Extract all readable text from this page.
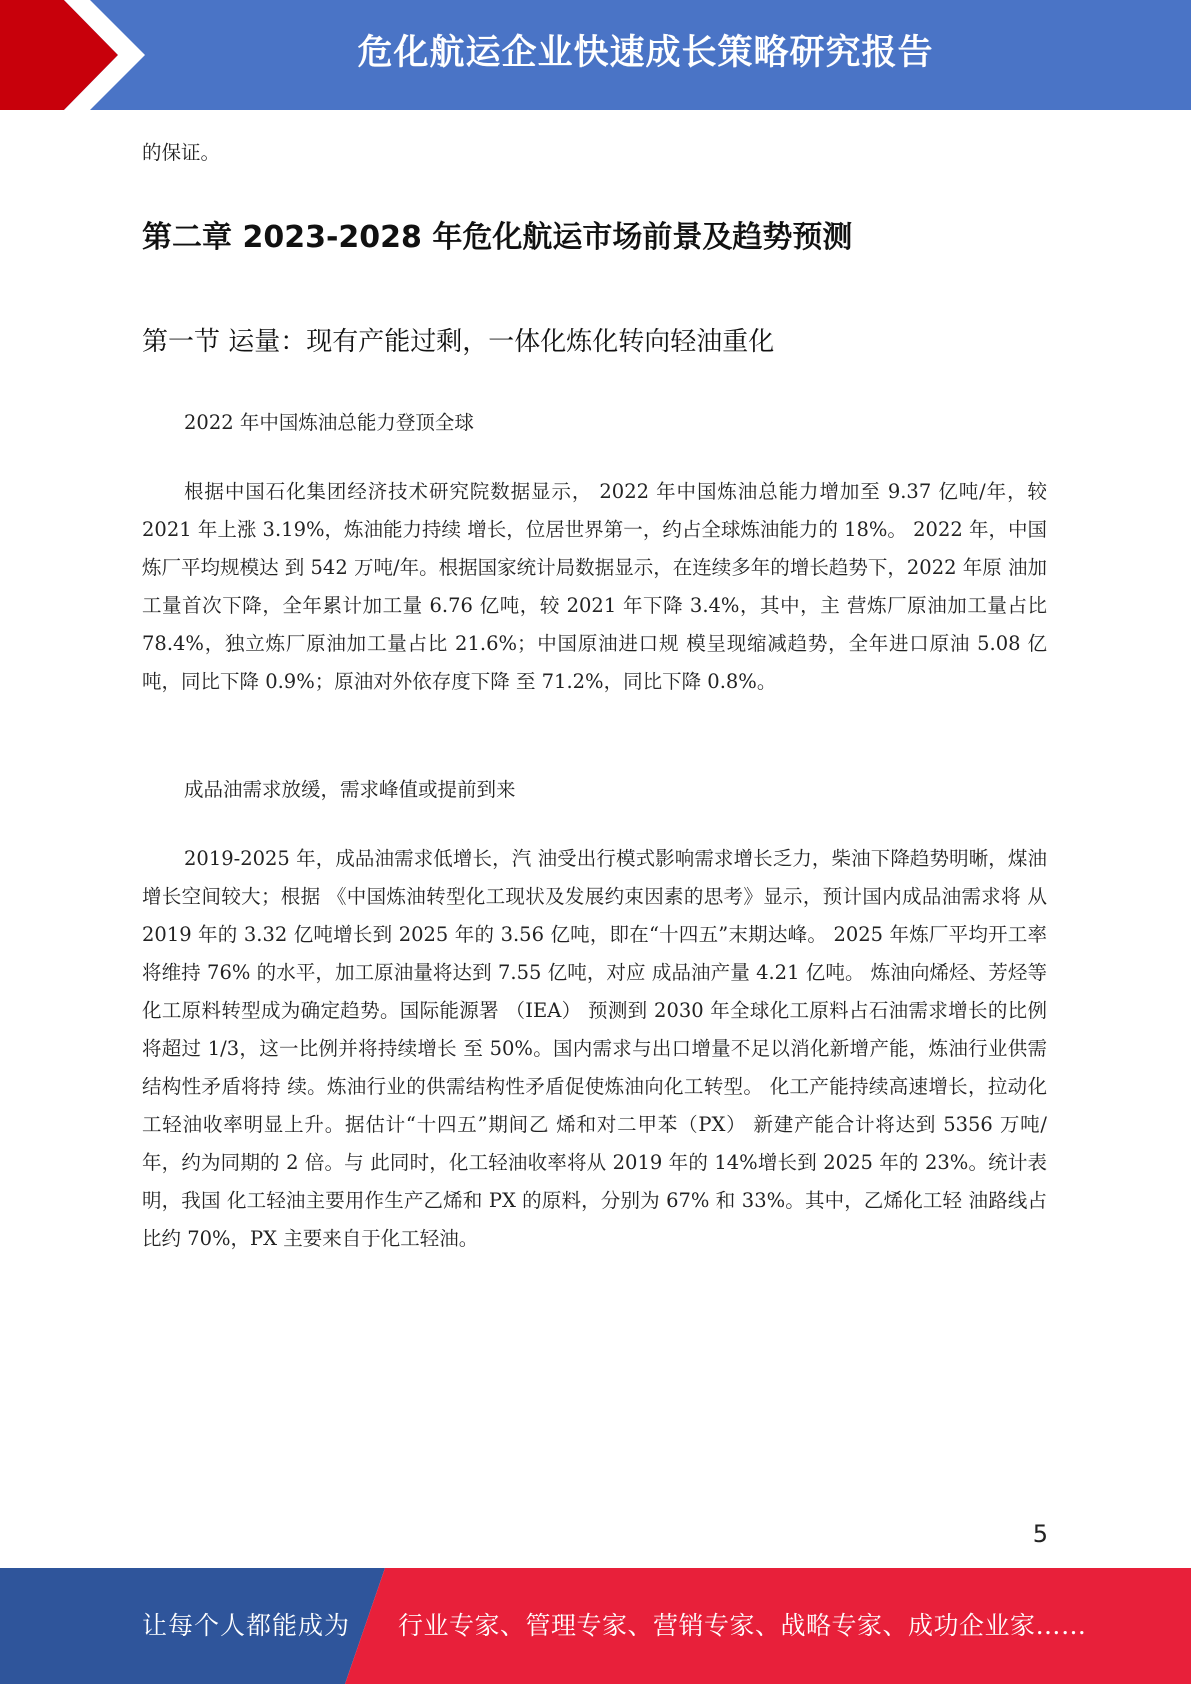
危化航运企业快速成长策略研究报告

的保证。

第二章 2023-2028 年危化航运市场前景及趋势预测
第一节 运量：现有产能过剩，一体化炼化转向轻油重化

2022 年中国炼油总能力登顶全球

根据中国石化集团经济技术研究院数据显示， 2022 年中国炼油总能力增加至 9.37 亿吨/年，较 2021 年上涨 3.19%，炼油能力持续 增长，位居世界第一，约占全球炼油能力的 18%。 2022 年，中国炼厂平均规模达 到 542 万吨/年。根据国家统计局数据显示，在连续多年的增长趋势下，2022 年原 油加工量首次下降，全年累计加工量 6.76 亿吨，较 2021 年下降 3.4%，其中，主 营炼厂原油加工量占比 78.4%，独立炼厂原油加工量占比 21.6%；中国原油进口规 模呈现缩减趋势，全年进口原油 5.08 亿吨，同比下降 0.9%；原油对外依存度下降 至 71.2%，同比下降 0.8%。

成品油需求放缓，需求峰值或提前到来

2019-2025 年，成品油需求低增长，汽 油受出行模式影响需求增长乏力，柴油下降趋势明晰，煤油增长空间较大；根据 《中国炼油转型化工现状及发展约束因素的思考》显示，预计国内成品油需求将 从 2019 年的 3.32 亿吨增长到 2025 年的 3.56 亿吨，即在“十四五”末期达峰。 2025 年炼厂平均开工率将维持 76% 的水平，加工原油量将达到 7.55 亿吨，对应 成品油产量 4.21 亿吨。 炼油向烯烃、芳烃等化工原料转型成为确定趋势。国际能源署 （IEA） 预测到 2030 年全球化工原料占石油需求增长的比例将超过 1/3，这一比例并将持续增长 至 50%。国内需求与出口增量不足以消化新增产能，炼油行业供需结构性矛盾将持 续。炼油行业的供需结构性矛盾促使炼油向化工转型。 化工产能持续高速增长，拉动化工轻油收率明显上升。据估计“十四五”期间乙 烯和对二甲苯（PX） 新建产能合计将达到 5356 万吨/年，约为同期的 2 倍。与 此同时，化工轻油收率将从 2019 年的 14%增长到 2025 年的 23%。统计表明，我国 化工轻油主要用作生产乙烯和 PX 的原料，分别为 67% 和 33%。其中，乙烯化工轻 油路线占比约 70%，PX 主要来自于化工轻油。

5
让每个人都能成为 行业专家、管理专家、营销专家、战略专家、成功企业家……
